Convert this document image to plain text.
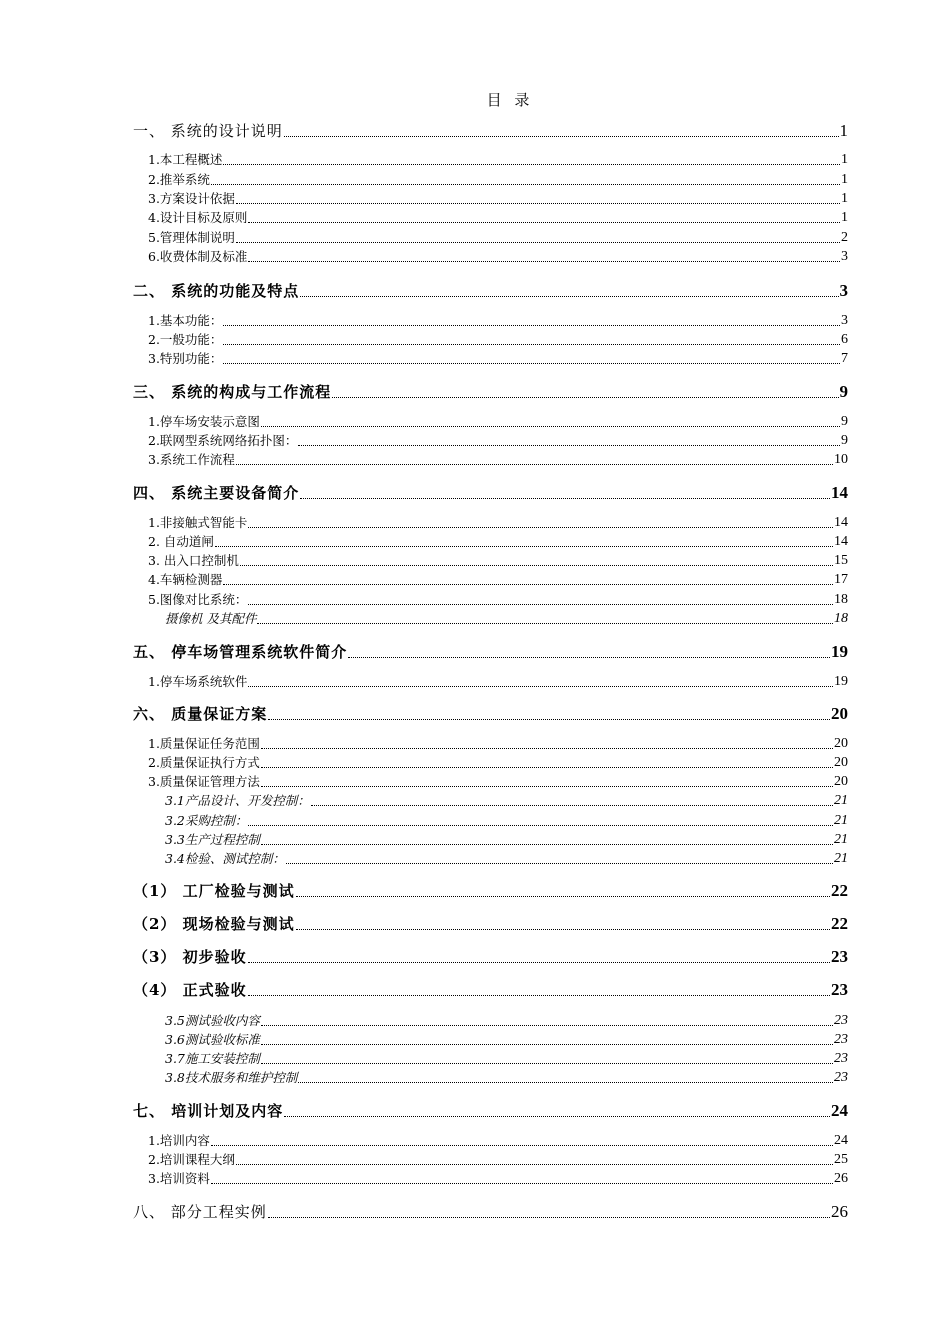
目 录
一、 系统的设计说明	1
1.本工程概述	1
2.推举系统	1
3.方案设计依据	1
4.设计目标及原则	1
5.管理体制说明	2
6.收费体制及标准	3
二、 系统的功能及特点	3
1.基本功能：	3
2.一般功能：	6
3.特别功能：	7
三、 系统的构成与工作流程	9
1.停车场安装示意图	9
2.联网型系统网络拓扑图：	9
3.系统工作流程	10
四、 系统主要设备简介	14
1.非接触式智能卡	14
2. 自动道闸	14
3. 出入口控制机	15
4.车辆检测器	17
5.图像对比系统：	18
摄像机 及其配件	18
五、 停车场管理系统软件简介	19
1.停车场系统软件	19
六、 质量保证方案	20
1.质量保证任务范围	20
2.质量保证执行方式	20
3.质量保证管理方法	20
3.1产品设计、开发控制：	21
3.2采购控制：	21
3.3生产过程控制	21
3.4检验、测试控制：	21
（1） 工厂检验与测试	22
（2） 现场检验与测试	22
（3） 初步验收	23
（4） 正式验收	23
3.5测试验收内容	23
3.6测试验收标准	23
3.7施工安装控制	23
3.8技术服务和维护控制	23
七、 培训计划及内容	24
1.培训内容	24
2.培训课程大纲	25
3.培训资料	26
八、 部分工程实例	26
